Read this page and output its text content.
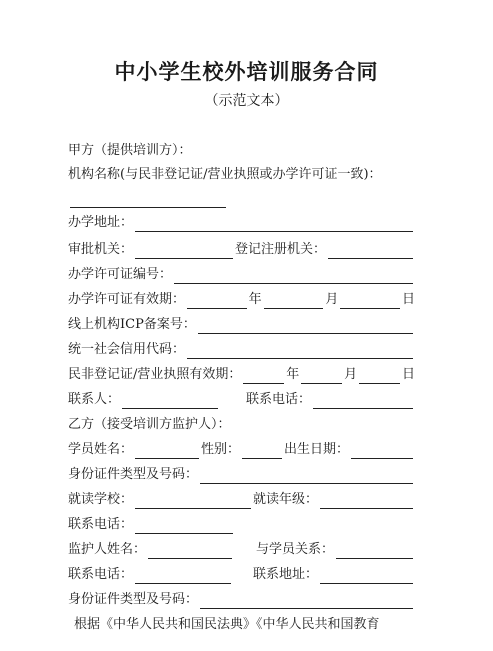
中小学生校外培训服务合同
（示范文本）
甲方（提供培训方）：
机构名称(与民非登记证/营业执照或办学许可证一致)：
办学地址：
审批机关：	登记注册机关：
办学许可证编号：
办学许可证有效期：	年	月	日
线上机构ICP备案号：
统一社会信用代码：
民非登记证/营业执照有效期：	年	月	日
联系人：	联系电话：
乙方（接受培训方监护人）：
学员姓名：	性别：	出生日期：
身份证件类型及号码：
就读学校：	就读年级：
联系电话：
监护人姓名：	与学员关系：
联系电话：	联系地址：
身份证件类型及号码：
根据《中华人民共和国民法典》《中华人民共和国教育
